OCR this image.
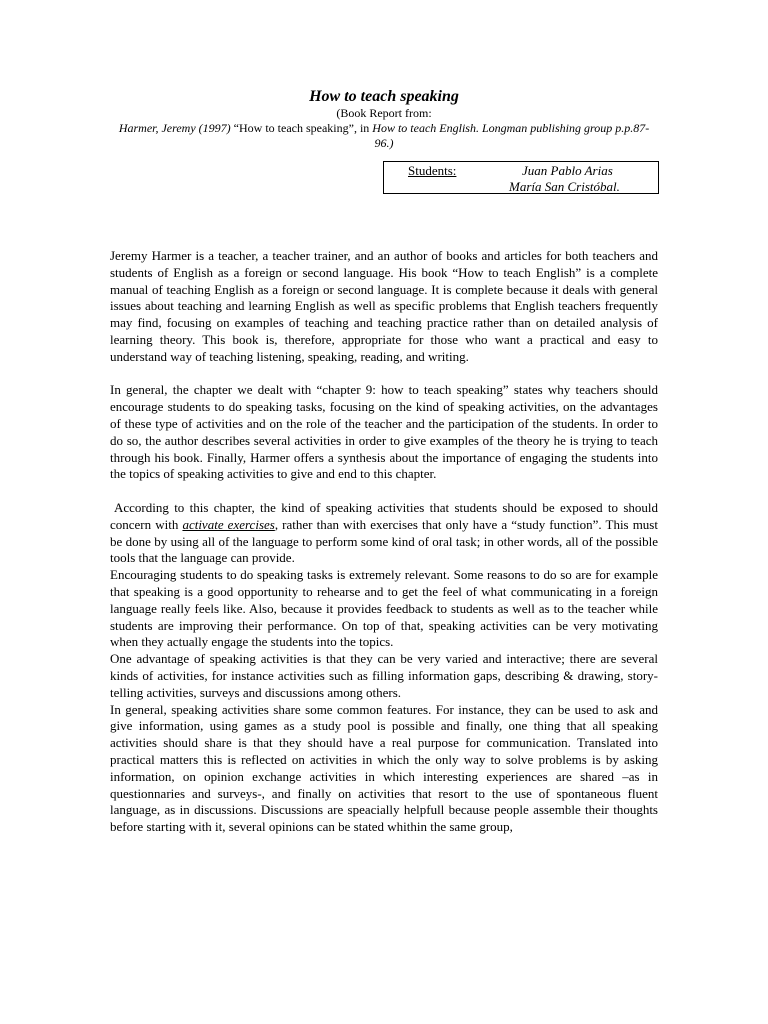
How to teach speaking
(Book Report from:
Harmer, Jeremy (1997) “How to teach speaking”, in How to teach English. Longman publishing group p.p.87-96.)
Students:	Juan Pablo Arias
María San Cristóbal.

Jeremy Harmer is a teacher, a teacher trainer, and an author of books and articles for both teachers and students of English as a foreign or second language. His book “How to teach English” is a complete manual of teaching English as a foreign or second language. It is complete because it deals with general issues about teaching and learning English as well as specific problems that English teachers frequently may find, focusing on examples of teaching and teaching practice rather than on detailed analysis of learning theory. This book is, therefore, appropriate for those who want a practical and easy to understand way of teaching listening, speaking, reading, and writing.

In general, the chapter we dealt with “chapter 9: how to teach speaking” states why teachers should encourage students to do speaking tasks, focusing on the kind of speaking activities, on the advantages of these type of activities and on the role of the teacher and the participation of the students. In order to do so, the author describes several activities in order to give examples of the theory he is trying to teach through his book. Finally, Harmer offers a synthesis about the importance of engaging the students into the topics of speaking activities to give and end to this chapter.

According to this chapter, the kind of speaking activities that students should be exposed to should concern with activate exercises, rather than with exercises that only have a “study function”. This must be done by using all of the language to perform some kind of oral task; in other words, all of the possible tools that the language can provide.

Encouraging students to do speaking tasks is extremely relevant. Some reasons to do so are for example that speaking is a good opportunity to rehearse and to get the feel of what communicating in a foreign language really feels like. Also, because it provides feedback to students as well as to the teacher while students are improving their performance. On top of that, speaking activities can be very motivating when they actually engage the students into the topics.

One advantage of speaking activities is that they can be very varied and interactive; there are several kinds of activities, for instance activities such as filling information gaps, describing & drawing, story-telling activities, surveys and discussions among others.

In general, speaking activities share some common features. For instance, they can be used to ask and give information, using games as a study pool is possible and finally, one thing that all speaking activities should share is that they should have a real purpose for communication. Translated into practical matters this is reflected on activities in which the only way to solve problems is by asking information, on opinion exchange activities in which interesting experiences are shared –as in questionnaries and surveys-, and finally on activities that resort to the use of spontaneous fluent language, as in discussions. Discussions are speacially helpfull because people assemble their thoughts before starting with it, several opinions can be stated whithin the same group,
